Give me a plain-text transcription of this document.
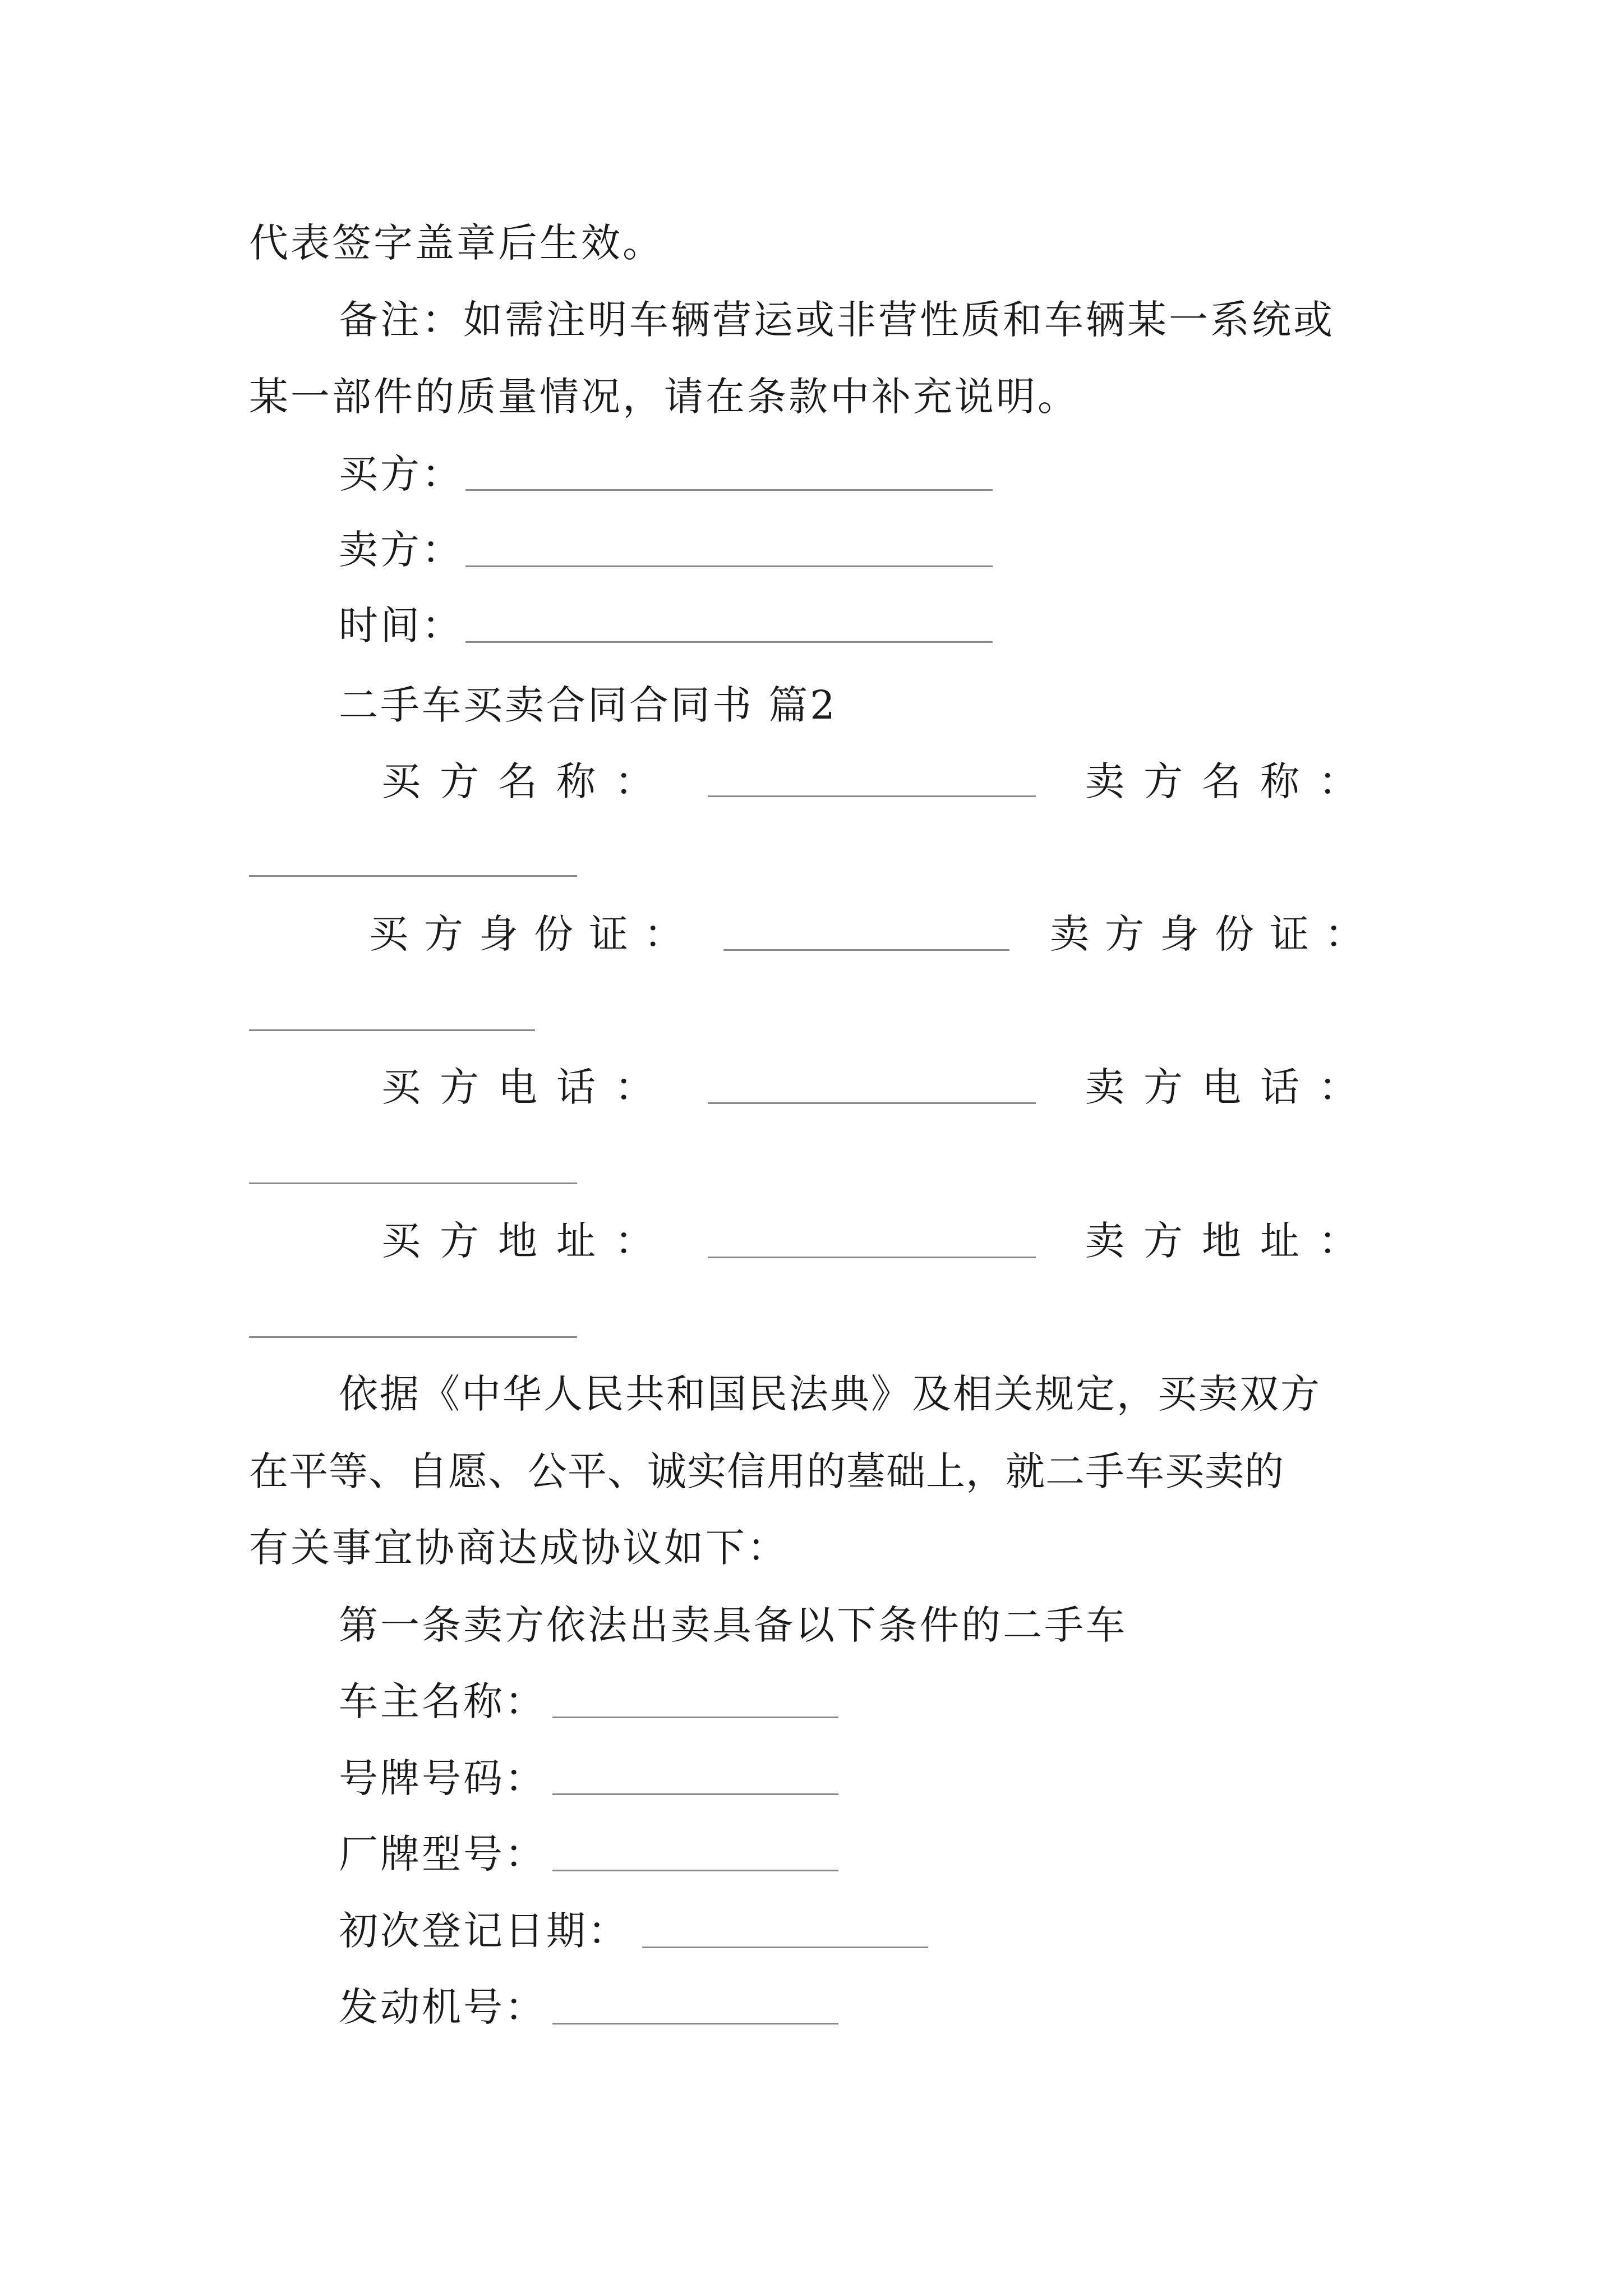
代表签字盖章后生效。
备注：如需注明车辆营运或非营性质和车辆某一系统或
某一部件的质量情况，请在条款中补充说明。
买方：
卖方：
时间：
二手车买卖合同合同书 篇2
买方名称：	卖方名称：
买方身份证：	卖方身份证：
买方电话：	卖方电话：
买方地址：	卖方地址：
依据《中华人民共和国民法典》及相关规定，买卖双方
在平等、自愿、公平、诚实信用的墓础上，就二手车买卖的
有关事宜协商达成协议如下：
第一条卖方依法出卖具备以下条件的二手车
车主名称：
号牌号码：
厂牌型号：
初次登记日期：
发动机号：
